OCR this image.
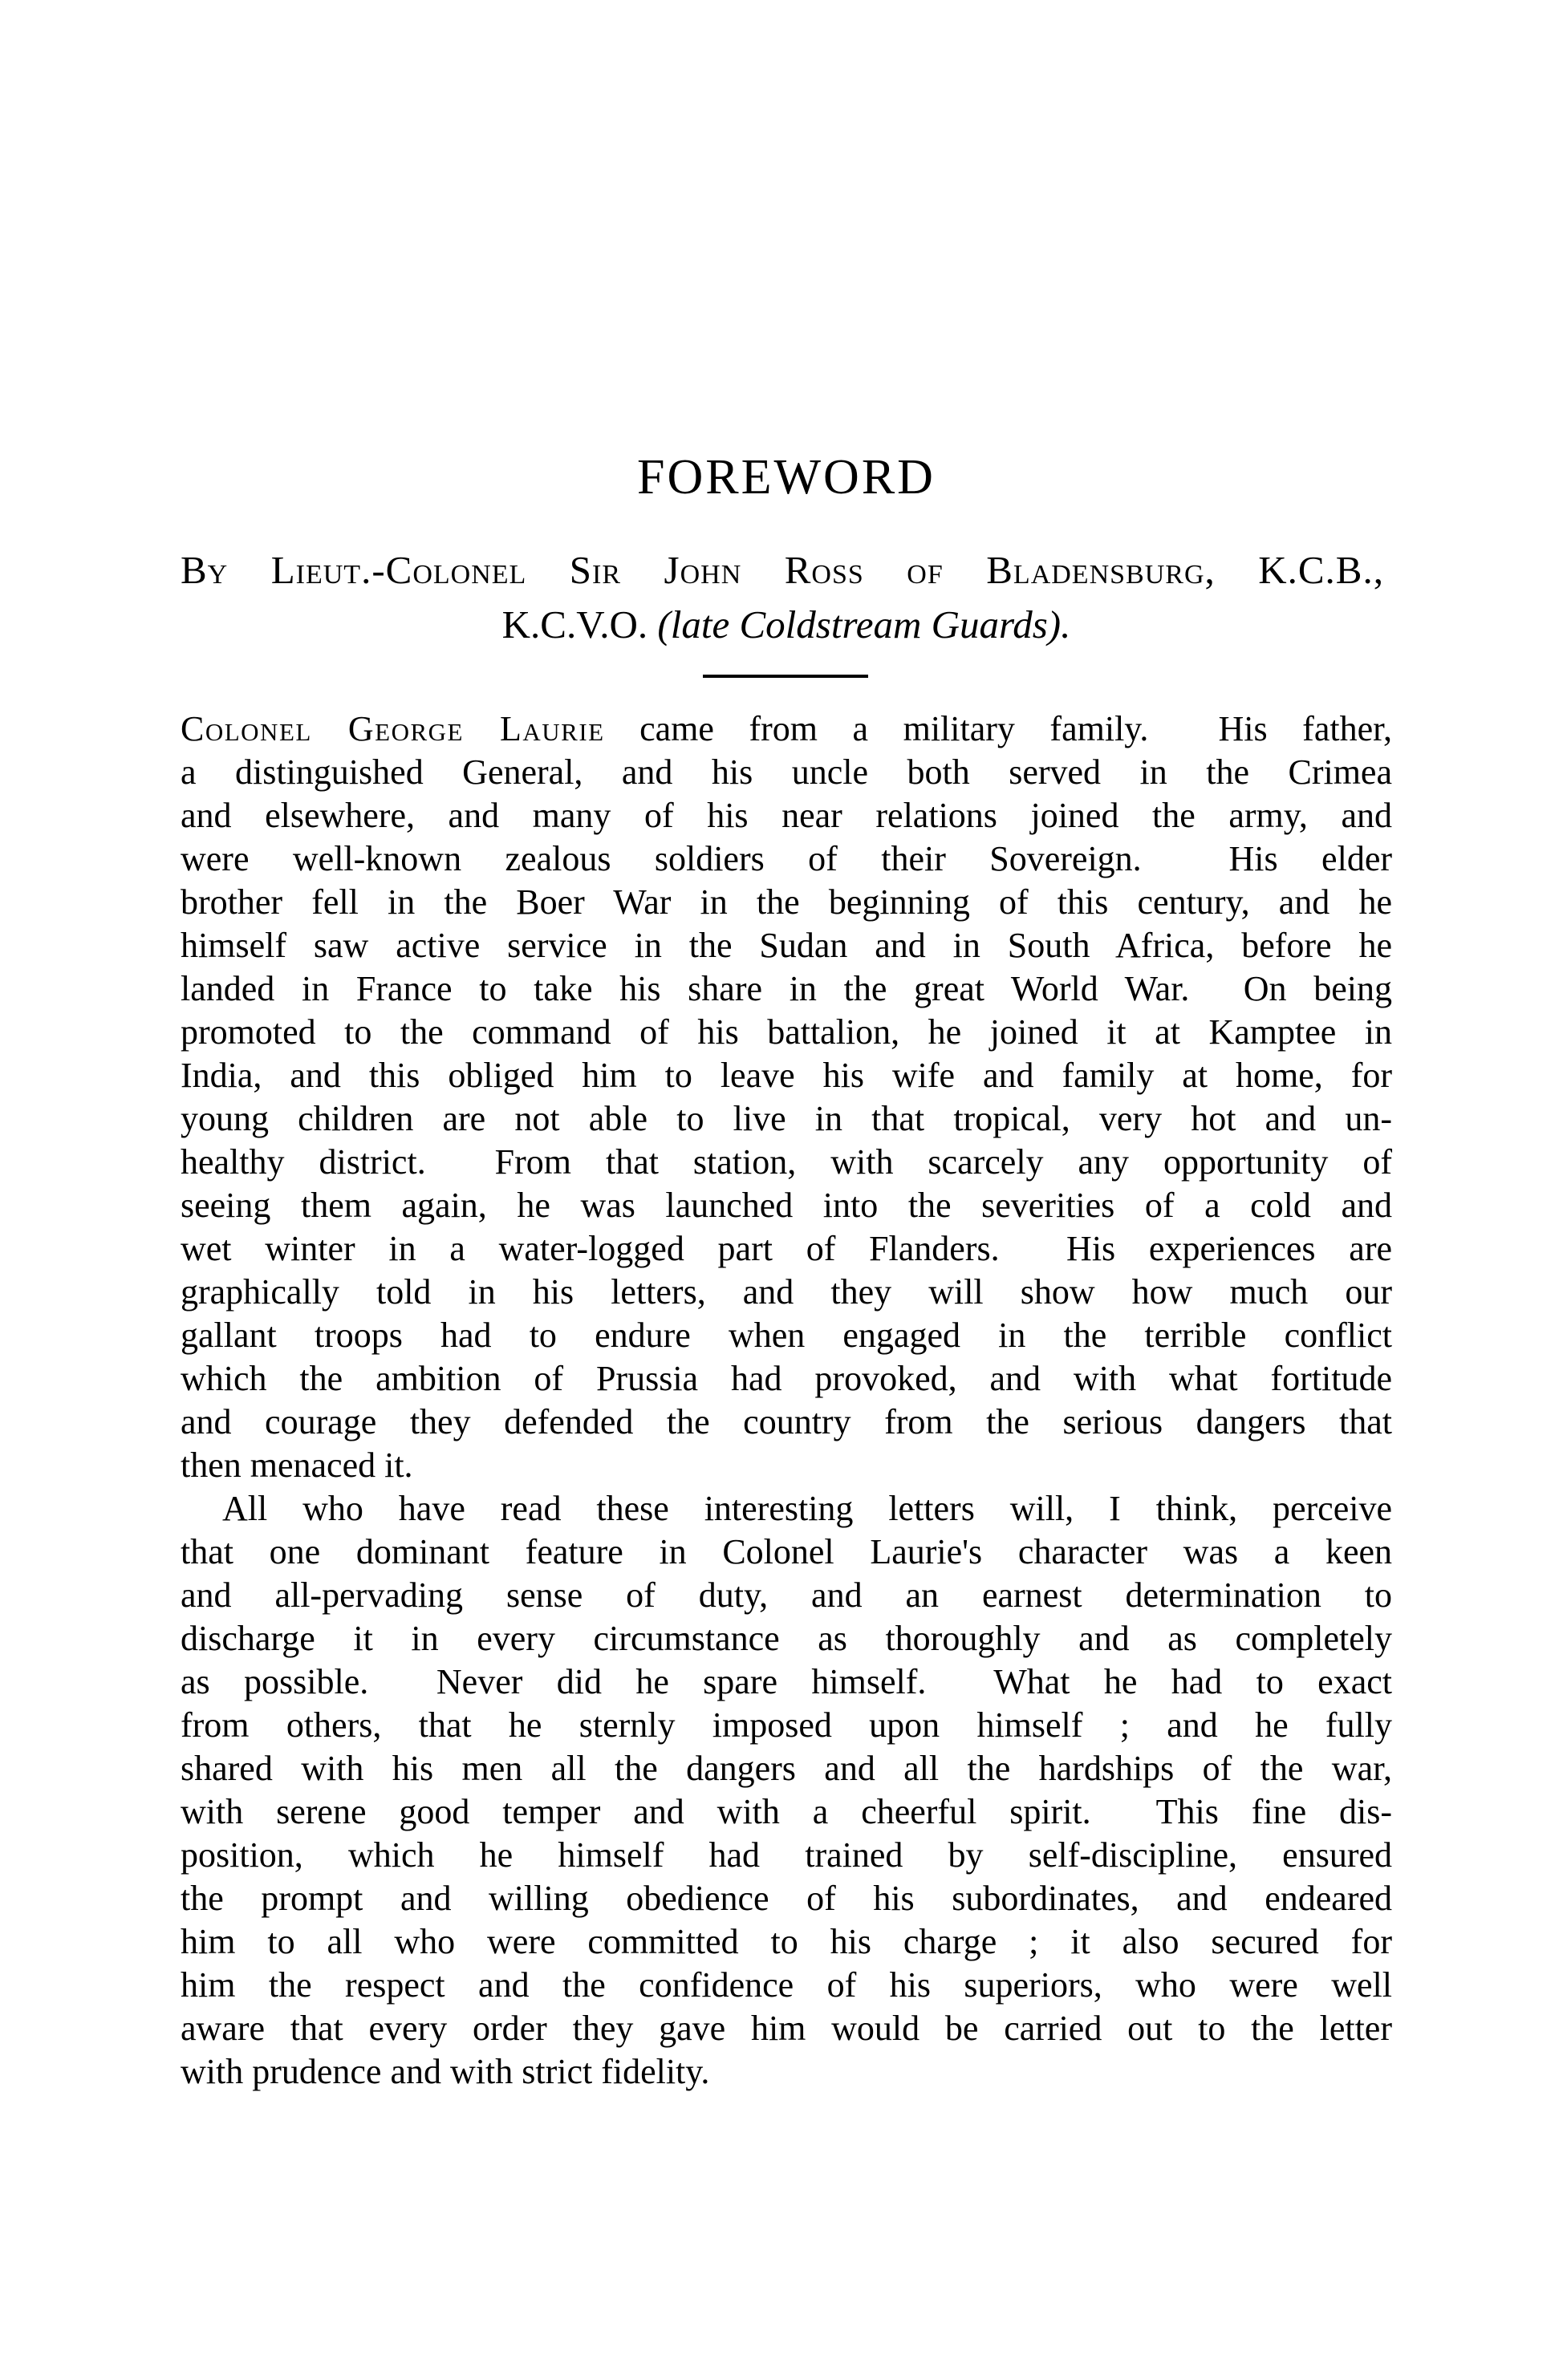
FOREWORD
By Lieut.-Colonel Sir John Ross of Bladensburg, K.C.B.,
K.C.V.O. (late Coldstream Guards).
Colonel George Laurie came from a military family.  His father,
a distinguished General, and his uncle both served in the Crimea
and elsewhere, and many of his near relations joined the army, and
were well-known zealous soldiers of their Sovereign.  His elder
brother fell in the Boer War in the beginning of this century, and he
himself saw active service in the Sudan and in South Africa, before he
landed in France to take his share in the great World War.  On being
promoted to the command of his battalion, he joined it at Kamptee in
India, and this obliged him to leave his wife and family at home, for
young children are not able to live in that tropical, very hot and un-
healthy district.  From that station, with scarcely any opportunity of
seeing them again, he was launched into the severities of a cold and
wet winter in a water-logged part of Flanders.  His experiences are
graphically told in his letters, and they will show how much our
gallant troops had to endure when engaged in the terrible conflict
which the ambition of Prussia had provoked, and with what fortitude
and courage they defended the country from the serious dangers that
then menaced it.
All who have read these interesting letters will, I think, perceive
that one dominant feature in Colonel Laurie's character was a keen
and all-pervading sense of duty, and an earnest determination to
discharge it in every circumstance as thoroughly and as completely
as possible.  Never did he spare himself.  What he had to exact
from others, that he sternly imposed upon himself ; and he fully
shared with his men all the dangers and all the hardships of the war,
with serene good temper and with a cheerful spirit.  This fine dis-
position, which he himself had trained by self-discipline, ensured
the prompt and willing obedience of his subordinates, and endeared
him to all who were committed to his charge ; it also secured for
him the respect and the confidence of his superiors, who were well
aware that every order they gave him would be carried out to the letter
with prudence and with strict fidelity.
